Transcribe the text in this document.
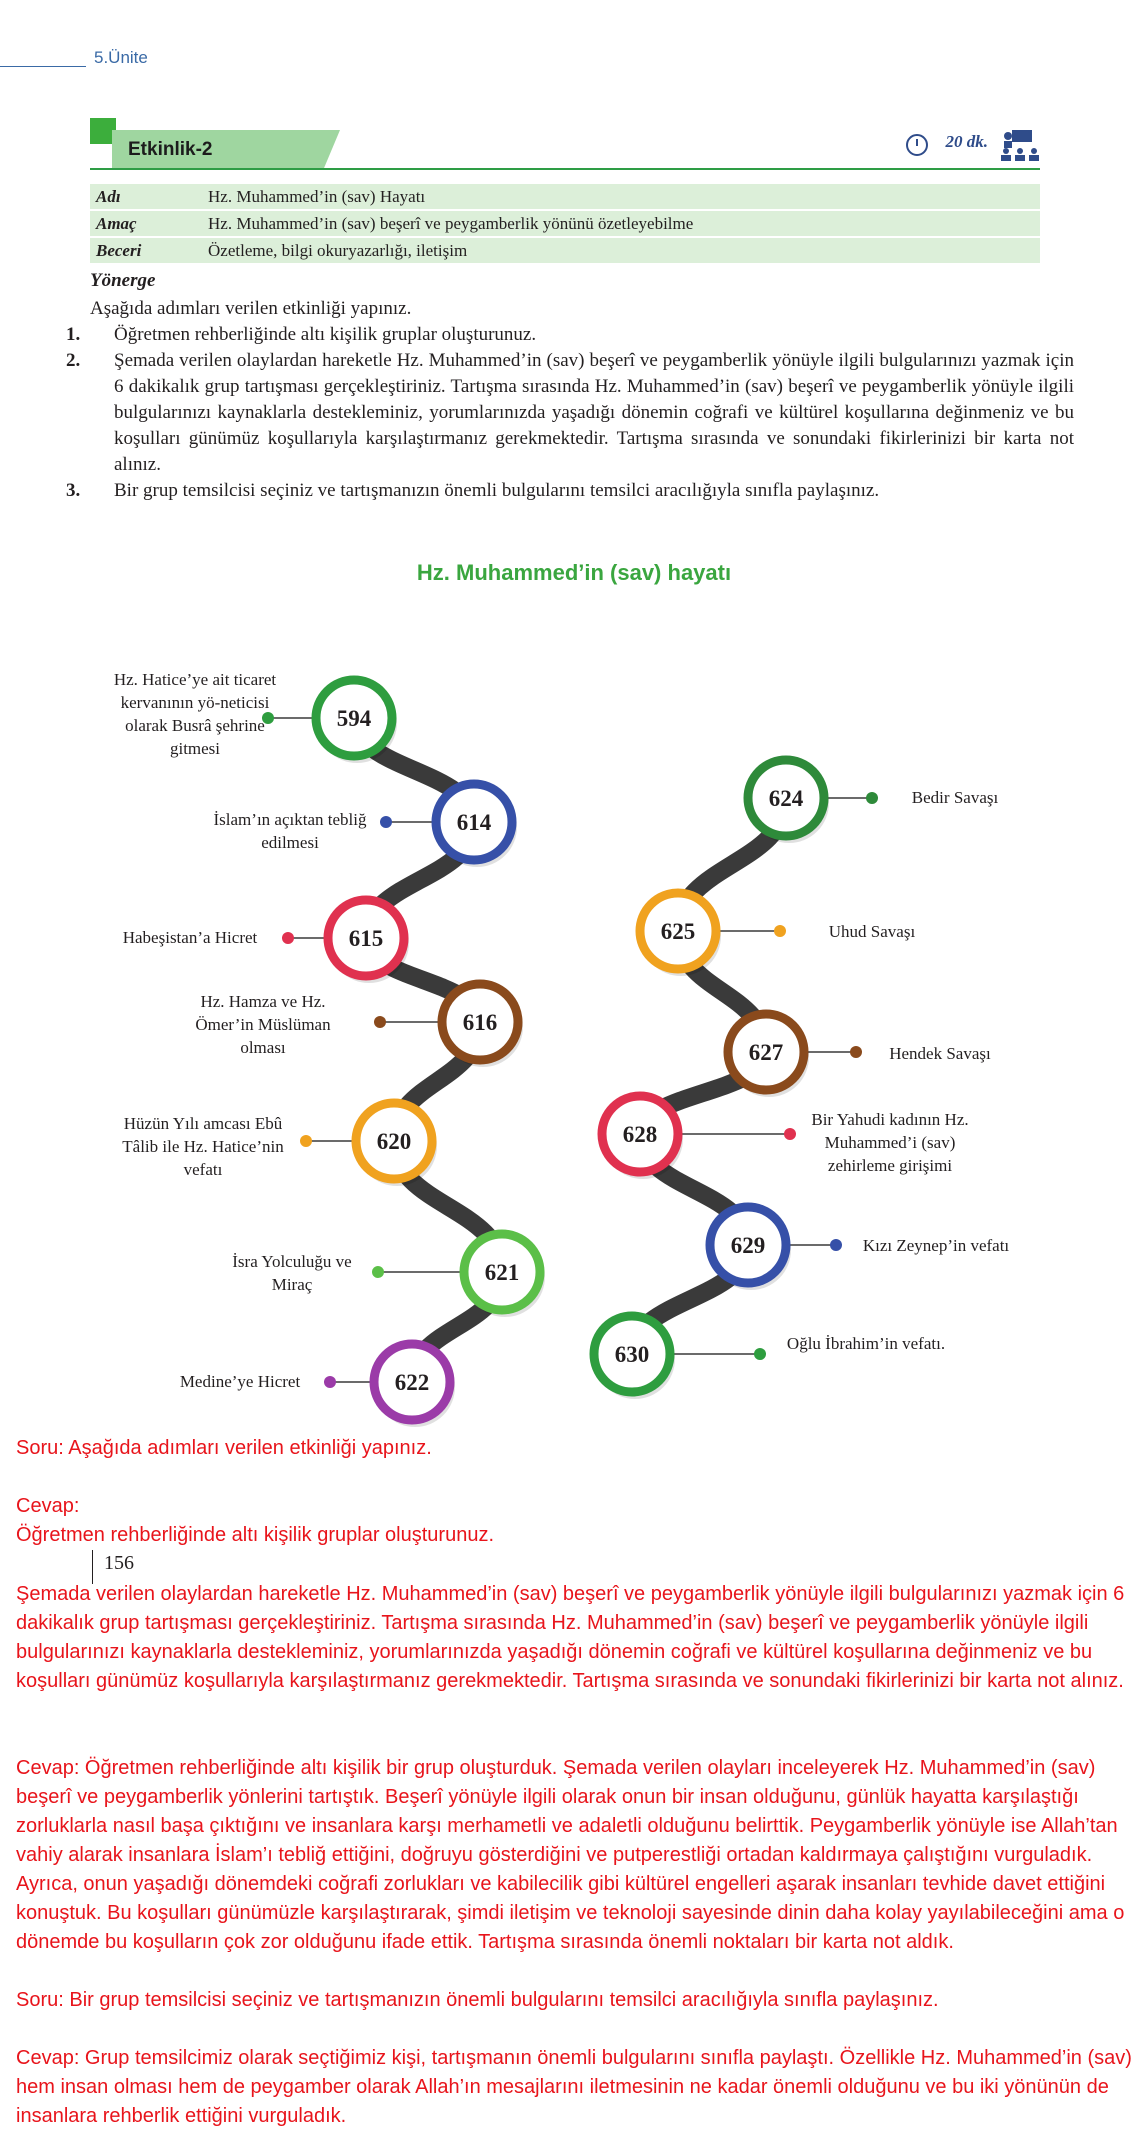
5.Ünite
Etkinlik-2	20 dk.
Adı	Hz. Muhammed’in (sav) Hayatı
Amaç	Hz. Muhammed’in (sav) beşerî ve peygamberlik yönünü özetleyebilme
Beceri	Özetleme, bilgi okuryazarlığı, iletişim
Yönerge
Aşağıda adımları verilen etkinliği yapınız.
1. Öğretmen rehberliğinde altı kişilik gruplar oluşturunuz.
2. Şemada verilen olaylardan hareketle Hz. Muhammed’in (sav) beşerî ve peygamberlik yönüyle ilgili bulgularınızı yazmak için 6 dakikalık grup tartışması gerçekleştiriniz. Tartışma sırasında Hz. Muhammed’in (sav) beşerî ve peygamberlik yönüyle ilgili bulgularınızı kaynaklarla destekleminiz, yorumlarınızda yaşadığı dönemin coğrafi ve kültürel koşullarına değinmeniz ve bu koşulları günümüz koşullarıyla karşılaştırmanız gerekmektedir. Tartışma sırasında ve sonundaki fikirlerinizi bir karta not alınız.
3. Bir grup temsilcisi seçiniz ve tartışmanızın önemli bulgularını temsilci aracılığıyla sınıfla paylaşınız.
Hz. Muhammed’in (sav) hayatı
594
614
615
616
620
621
622
624
625
627
628
629
630
Hz. Hatice’ye ait ticaret kervanının yö-neticisi olarak Busrâ şehrine gitmesi
İslam’ın açıktan tebliğ edilmesi
Habeşistan’a Hicret
Hz. Hamza ve Hz. Ömer’in Müslüman olması
Hüzün Yılı amcası Ebû Tâlib ile Hz. Hatice’nin vefatı
İsra Yolculuğu ve Miraç
Medine’ye Hicret
Bedir Savaşı
Uhud Savaşı
Hendek Savaşı
Bir Yahudi kadının Hz. Muhammed’i (sav) zehirleme girişimi
Kızı Zeynep’in vefatı
Oğlu İbrahim’in vefatı.
Soru: Aşağıda adımları verilen etkinliği yapınız.
Cevap:
Öğretmen rehberliğinde altı kişilik gruplar oluşturunuz.
156
Şemada verilen olaylardan hareketle Hz. Muhammed’in (sav) beşerî ve peygamberlik yönüyle ilgili bulgularınızı yazmak için 6 dakikalık grup tartışması gerçekleştiriniz. Tartışma sırasında Hz. Muhammed’in (sav) beşerî ve peygamberlik yönüyle ilgili bulgularınızı kaynaklarla destekleminiz, yorumlarınızda yaşadığı dönemin coğrafi ve kültürel koşullarına değinmeniz ve bu koşulları günümüz koşullarıyla karşılaştırmanız gerekmektedir. Tartışma sırasında ve sonundaki fikirlerinizi bir karta not alınız.
Cevap: Öğretmen rehberliğinde altı kişilik bir grup oluşturduk. Şemada verilen olayları inceleyerek Hz. Muhammed’in (sav) beşerî ve peygamberlik yönlerini tartıştık. Beşerî yönüyle ilgili olarak onun bir insan olduğunu, günlük hayatta karşılaştığı zorluklarla nasıl başa çıktığını ve insanlara karşı merhametli ve adaletli olduğunu belirttik. Peygamberlik yönüyle ise Allah’tan vahiy alarak insanlara İslam’ı tebliğ ettiğini, doğruyu gösterdiğini ve putperestliği ortadan kaldırmaya çalıştığını vurguladık. Ayrıca, onun yaşadığı dönemdeki coğrafi zorlukları ve kabilecilik gibi kültürel engelleri aşarak insanları tevhide davet ettiğini konuştuk. Bu koşulları günümüzle karşılaştırarak, şimdi iletişim ve teknoloji sayesinde dinin daha kolay yayılabileceğini ama o dönemde bu koşulların çok zor olduğunu ifade ettik. Tartışma sırasında önemli noktaları bir karta not aldık.
Soru: Bir grup temsilcisi seçiniz ve tartışmanızın önemli bulgularını temsilci aracılığıyla sınıfla paylaşınız.
Cevap: Grup temsilcimiz olarak seçtiğimiz kişi, tartışmanın önemli bulgularını sınıfla paylaştı. Özellikle Hz. Muhammed’in (sav) hem insan olması hem de peygamber olarak Allah’ın mesajlarını iletmesinin ne kadar önemli olduğunu ve bu iki yönünün de insanlara rehberlik ettiğini vurguladık.
